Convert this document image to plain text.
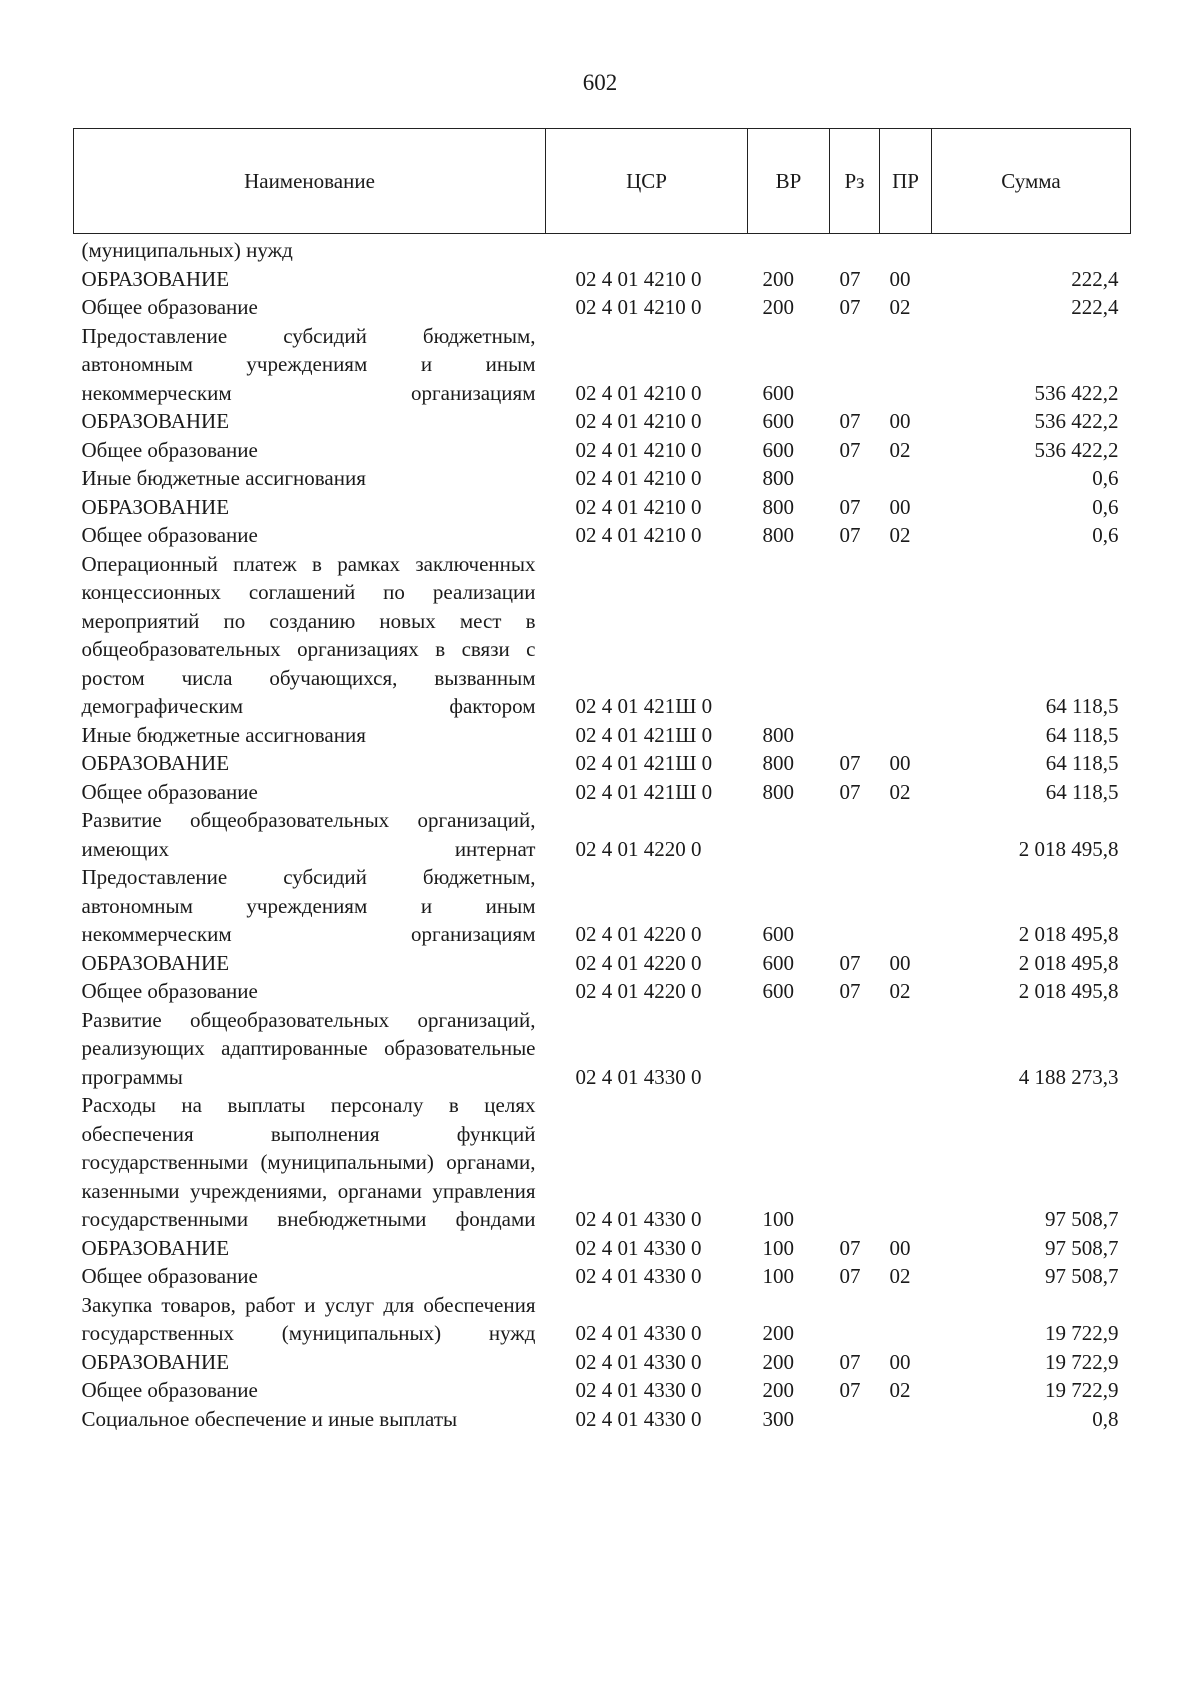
602
Наименование	ЦСР	ВР	Рз	ПР	Сумма
(муниципальных) нужд					
ОБРАЗОВАНИЕ	02 4 01 4210 0	200	07	00	222,4
Общее образование	02 4 01 4210 0	200	07	02	222,4
Предоставление субсидий бюджетным, автономным учреждениям и иным некоммерческим организациям	02 4 01 4210 0	600			536 422,2
ОБРАЗОВАНИЕ	02 4 01 4210 0	600	07	00	536 422,2
Общее образование	02 4 01 4210 0	600	07	02	536 422,2
Иные бюджетные ассигнования	02 4 01 4210 0	800			0,6
ОБРАЗОВАНИЕ	02 4 01 4210 0	800	07	00	0,6
Общее образование	02 4 01 4210 0	800	07	02	0,6
Операционный платеж в рамках заключенных концессионных соглашений по реализации мероприятий по созданию новых мест в общеобразовательных организациях в связи с ростом числа обучающихся, вызванным демографическим фактором	02 4 01 421Ш 0				64 118,5
Иные бюджетные ассигнования	02 4 01 421Ш 0	800			64 118,5
ОБРАЗОВАНИЕ	02 4 01 421Ш 0	800	07	00	64 118,5
Общее образование	02 4 01 421Ш 0	800	07	02	64 118,5
Развитие общеобразовательных организаций, имеющих интернат	02 4 01 4220 0				2 018 495,8
Предоставление субсидий бюджетным, автономным учреждениям и иным некоммерческим организациям	02 4 01 4220 0	600			2 018 495,8
ОБРАЗОВАНИЕ	02 4 01 4220 0	600	07	00	2 018 495,8
Общее образование	02 4 01 4220 0	600	07	02	2 018 495,8
Развитие общеобразовательных организаций, реализующих адаптированные образовательные программы	02 4 01 4330 0				4 188 273,3
Расходы на выплаты персоналу в целях обеспечения выполнения функций государственными (муниципальными) органами, казенными учреждениями, органами управления государственными внебюджетными фондами	02 4 01 4330 0	100			97 508,7
ОБРАЗОВАНИЕ	02 4 01 4330 0	100	07	00	97 508,7
Общее образование	02 4 01 4330 0	100	07	02	97 508,7
Закупка товаров, работ и услуг для обеспечения государственных (муниципальных) нужд	02 4 01 4330 0	200			19 722,9
ОБРАЗОВАНИЕ	02 4 01 4330 0	200	07	00	19 722,9
Общее образование	02 4 01 4330 0	200	07	02	19 722,9
Социальное обеспечение и иные выплаты	02 4 01 4330 0	300			0,8
